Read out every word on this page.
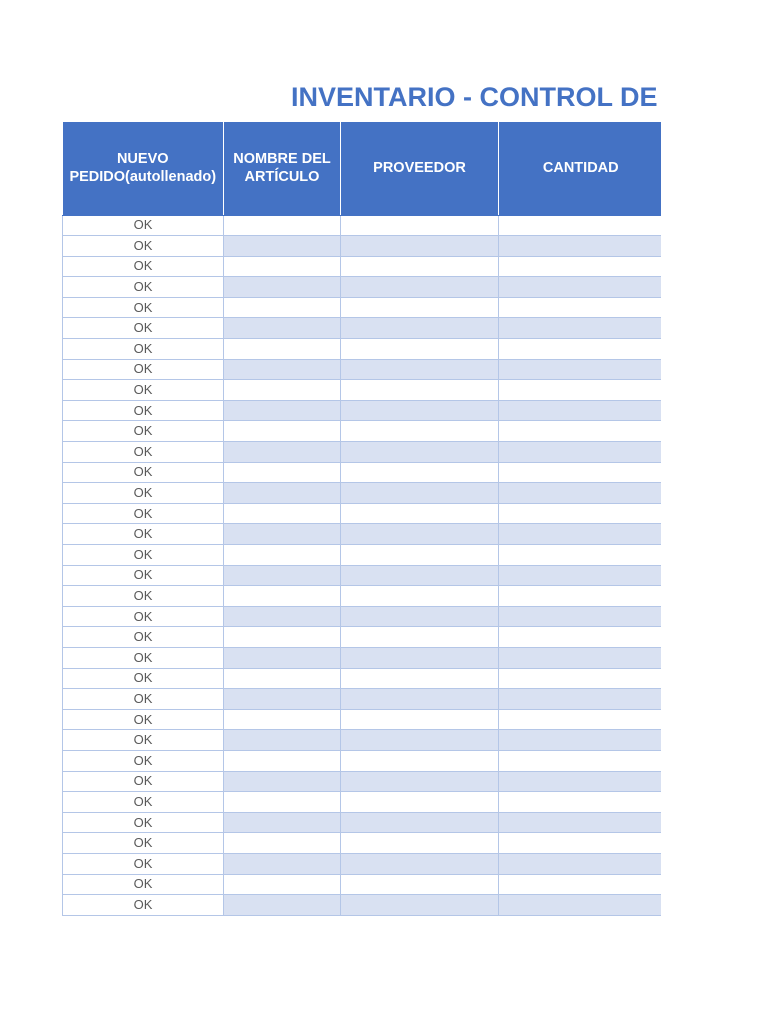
INVENTARIO - CONTROL DE
NUEVO PEDIDO(autollenado)	NOMBRE DEL ARTÍCULO	PROVEEDOR	CANTIDAD
OK			
OK			
OK			
OK			
OK			
OK			
OK			
OK			
OK			
OK			
OK			
OK			
OK			
OK			
OK			
OK			
OK			
OK			
OK			
OK			
OK			
OK			
OK			
OK			
OK			
OK			
OK			
OK			
OK			
OK			
OK			
OK			
OK			
OK			
